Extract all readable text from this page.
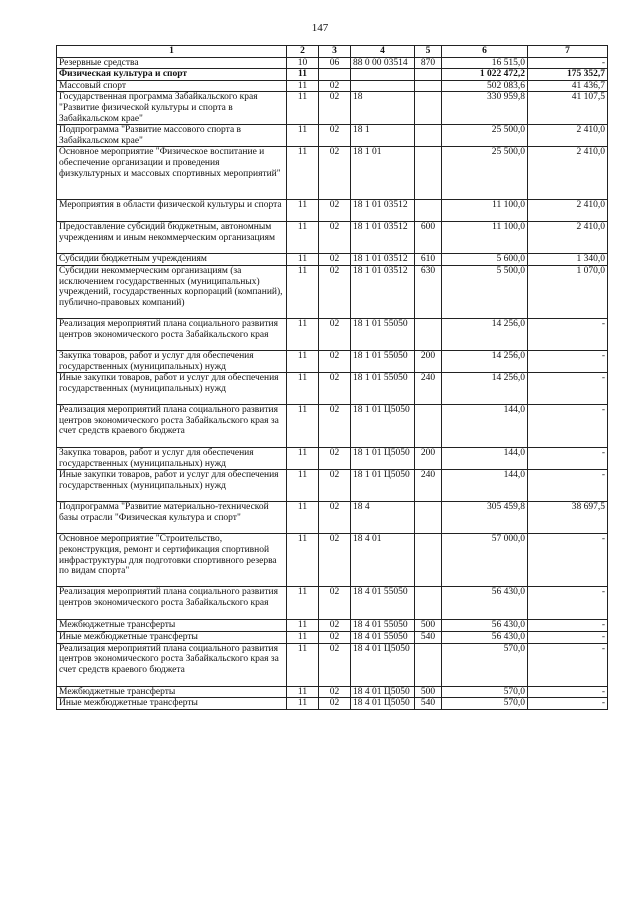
147
1	2	3	4	5	6	7
Резервные средства	10	06	88 0 00 03514	870	16 515,0	-
Физическая культура и спорт	11				1 022 472,2	175 352,7
Массовый спорт	11	02			502 083,6	41 436,7
Государственная программа Забайкальского края "Развитие физической культуры и спорта в Забайкальском крае"	11	02	18		330 959,8	41 107,5
Подпрограмма "Развитие массового спорта в Забайкальском крае"	11	02	18 1		25 500,0	2 410,0
Основное мероприятие "Физическое воспитание и обеспечение организации и проведения физкультурных и массовых спортивных мероприятий"	11	02	18 1 01		25 500,0	2 410,0
Мероприятия в области физической культуры и спорта	11	02	18 1 01 03512		11 100,0	2 410,0
Предоставление субсидий бюджетным, автономным учреждениям и иным некоммерческим организациям	11	02	18 1 01 03512	600	11 100,0	2 410,0
Субсидии бюджетным учреждениям	11	02	18 1 01 03512	610	5 600,0	1 340,0
Субсидии некоммерческим организациям (за исключением государственных (муниципальных) учреждений, государственных корпораций (компаний), публично-правовых компаний)	11	02	18 1 01 03512	630	5 500,0	1 070,0
Реализация мероприятий плана социального развития центров экономического роста Забайкальского края	11	02	18 1 01 55050		14 256,0	-
Закупка товаров, работ и услуг для обеспечения государственных (муниципальных) нужд	11	02	18 1 01 55050	200	14 256,0	-
Иные закупки товаров, работ и услуг для обеспечения государственных (муниципальных) нужд	11	02	18 1 01 55050	240	14 256,0	-
Реализация мероприятий плана социального развития центров экономического роста Забайкальского края за счет средств краевого бюджета	11	02	18 1 01 Ц5050		144,0	-
Закупка товаров, работ и услуг для обеспечения государственных (муниципальных) нужд	11	02	18 1 01 Ц5050	200	144,0	-
Иные закупки товаров, работ и услуг для обеспечения государственных (муниципальных) нужд	11	02	18 1 01 Ц5050	240	144,0	-
Подпрограмма "Развитие материально-технической базы отрасли "Физическая культура и спорт"	11	02	18 4		305 459,8	38 697,5
Основное мероприятие "Строительство, реконструкция, ремонт и сертификация спортивной инфраструктуры для подготовки спортивного резерва по видам спорта"	11	02	18 4 01		57 000,0	-
Реализация мероприятий плана социального развития центров экономического роста Забайкальского края	11	02	18 4 01 55050		56 430,0	-
Межбюджетные трансферты	11	02	18 4 01 55050	500	56 430,0	-
Иные межбюджетные трансферты	11	02	18 4 01 55050	540	56 430,0	-
Реализация мероприятий плана социального развития центров экономического роста Забайкальского края за счет средств краевого бюджета	11	02	18 4 01 Ц5050		570,0	-
Межбюджетные трансферты	11	02	18 4 01 Ц5050	500	570,0	-
Иные межбюджетные трансферты	11	02	18 4 01 Ц5050	540	570,0	-
